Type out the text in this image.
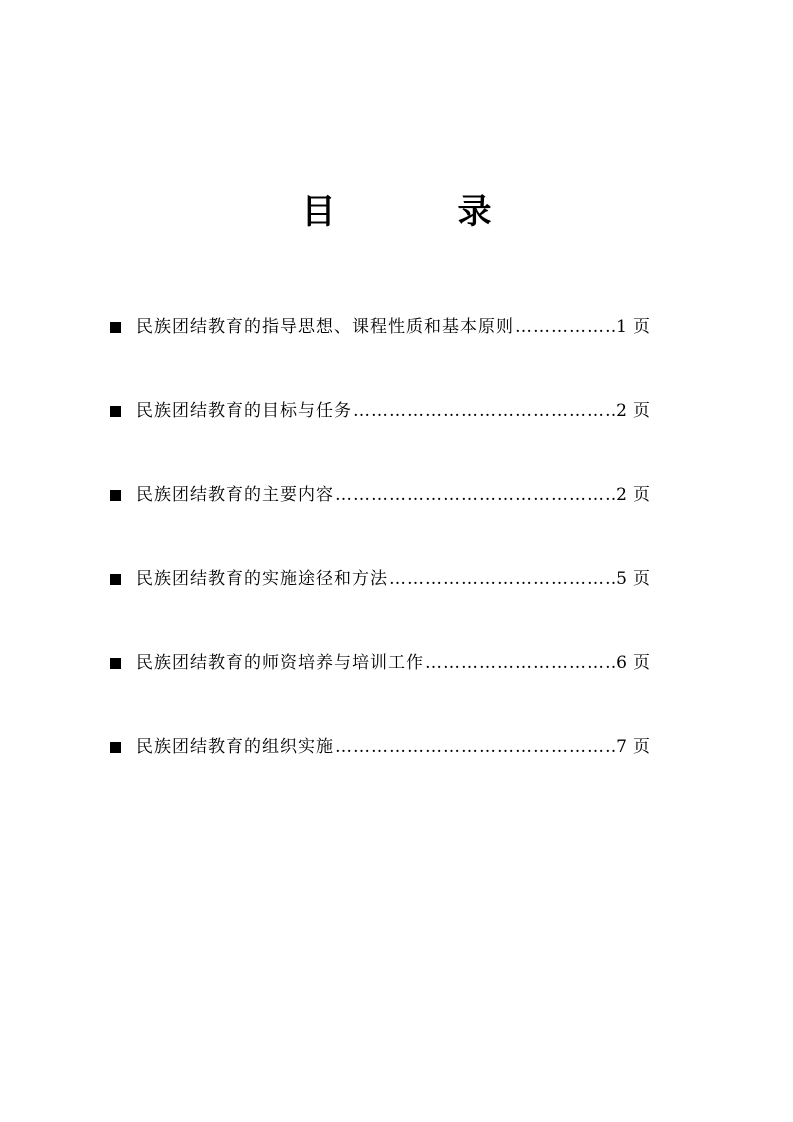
目　录
民族团结教育的指导思想、课程性质和基本原则 …………………………………………………………………………………………………………………………	1 页
民族团结教育的目标与任务 …………………………………………………………………………………………………………………………	2 页
民族团结教育的主要内容 …………………………………………………………………………………………………………………………	2 页
民族团结教育的实施途径和方法 …………………………………………………………………………………………………………………………	5 页
民族团结教育的师资培养与培训工作 …………………………………………………………………………………………………………………………	6 页
民族团结教育的组织实施 …………………………………………………………………………………………………………………………	7 页
